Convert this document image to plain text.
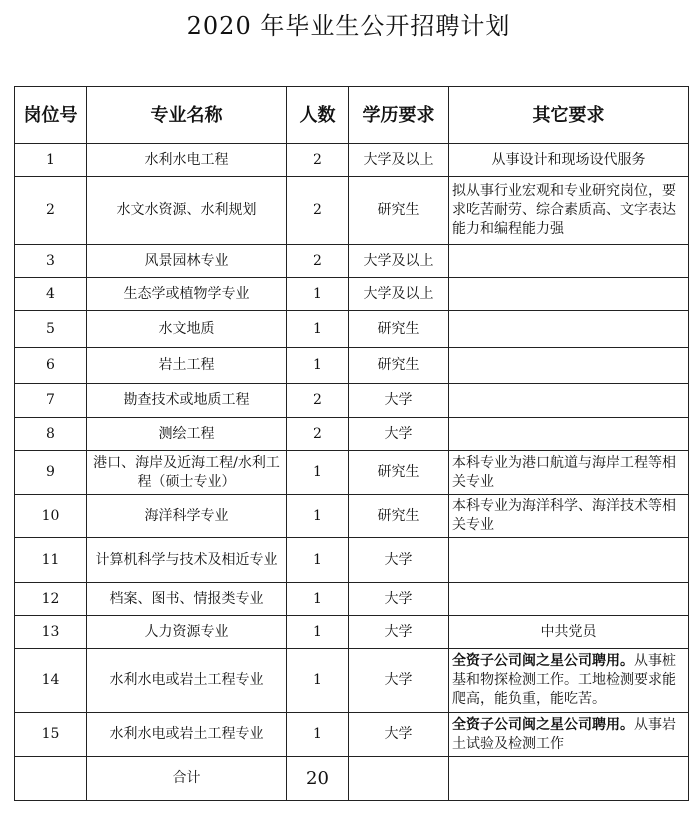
2020 年毕业生公开招聘计划
岗位号	专业名称	人数	学历要求	其它要求
1	水利水电工程	2	大学及以上	从事设计和现场设代服务
2	水文水资源、水利规划	2	研究生	拟从事行业宏观和专业研究岗位，要求吃苦耐劳、综合素质高、文字表达能力和编程能力强
3	风景园林专业	2	大学及以上	
4	生态学或植物学专业	1	大学及以上	
5	水文地质	1	研究生	
6	岩土工程	1	研究生	
7	勘查技术或地质工程	2	大学	
8	测绘工程	2	大学	
9	港口、海岸及近海工程/水利工程（硕士专业）	1	研究生	本科专业为港口航道与海岸工程等相关专业
10	海洋科学专业	1	研究生	本科专业为海洋科学、海洋技术等相关专业
11	计算机科学与技术及相近专业	1	大学	
12	档案、图书、情报类专业	1	大学	
13	人力资源专业	1	大学	中共党员
14	水利水电或岩土工程专业	1	大学	全资子公司闽之星公司聘用。从事桩基和物探检测工作。工地检测要求能爬高，能负重，能吃苦。
15	水利水电或岩土工程专业	1	大学	全资子公司闽之星公司聘用。从事岩土试验及检测工作
	合计	20		
